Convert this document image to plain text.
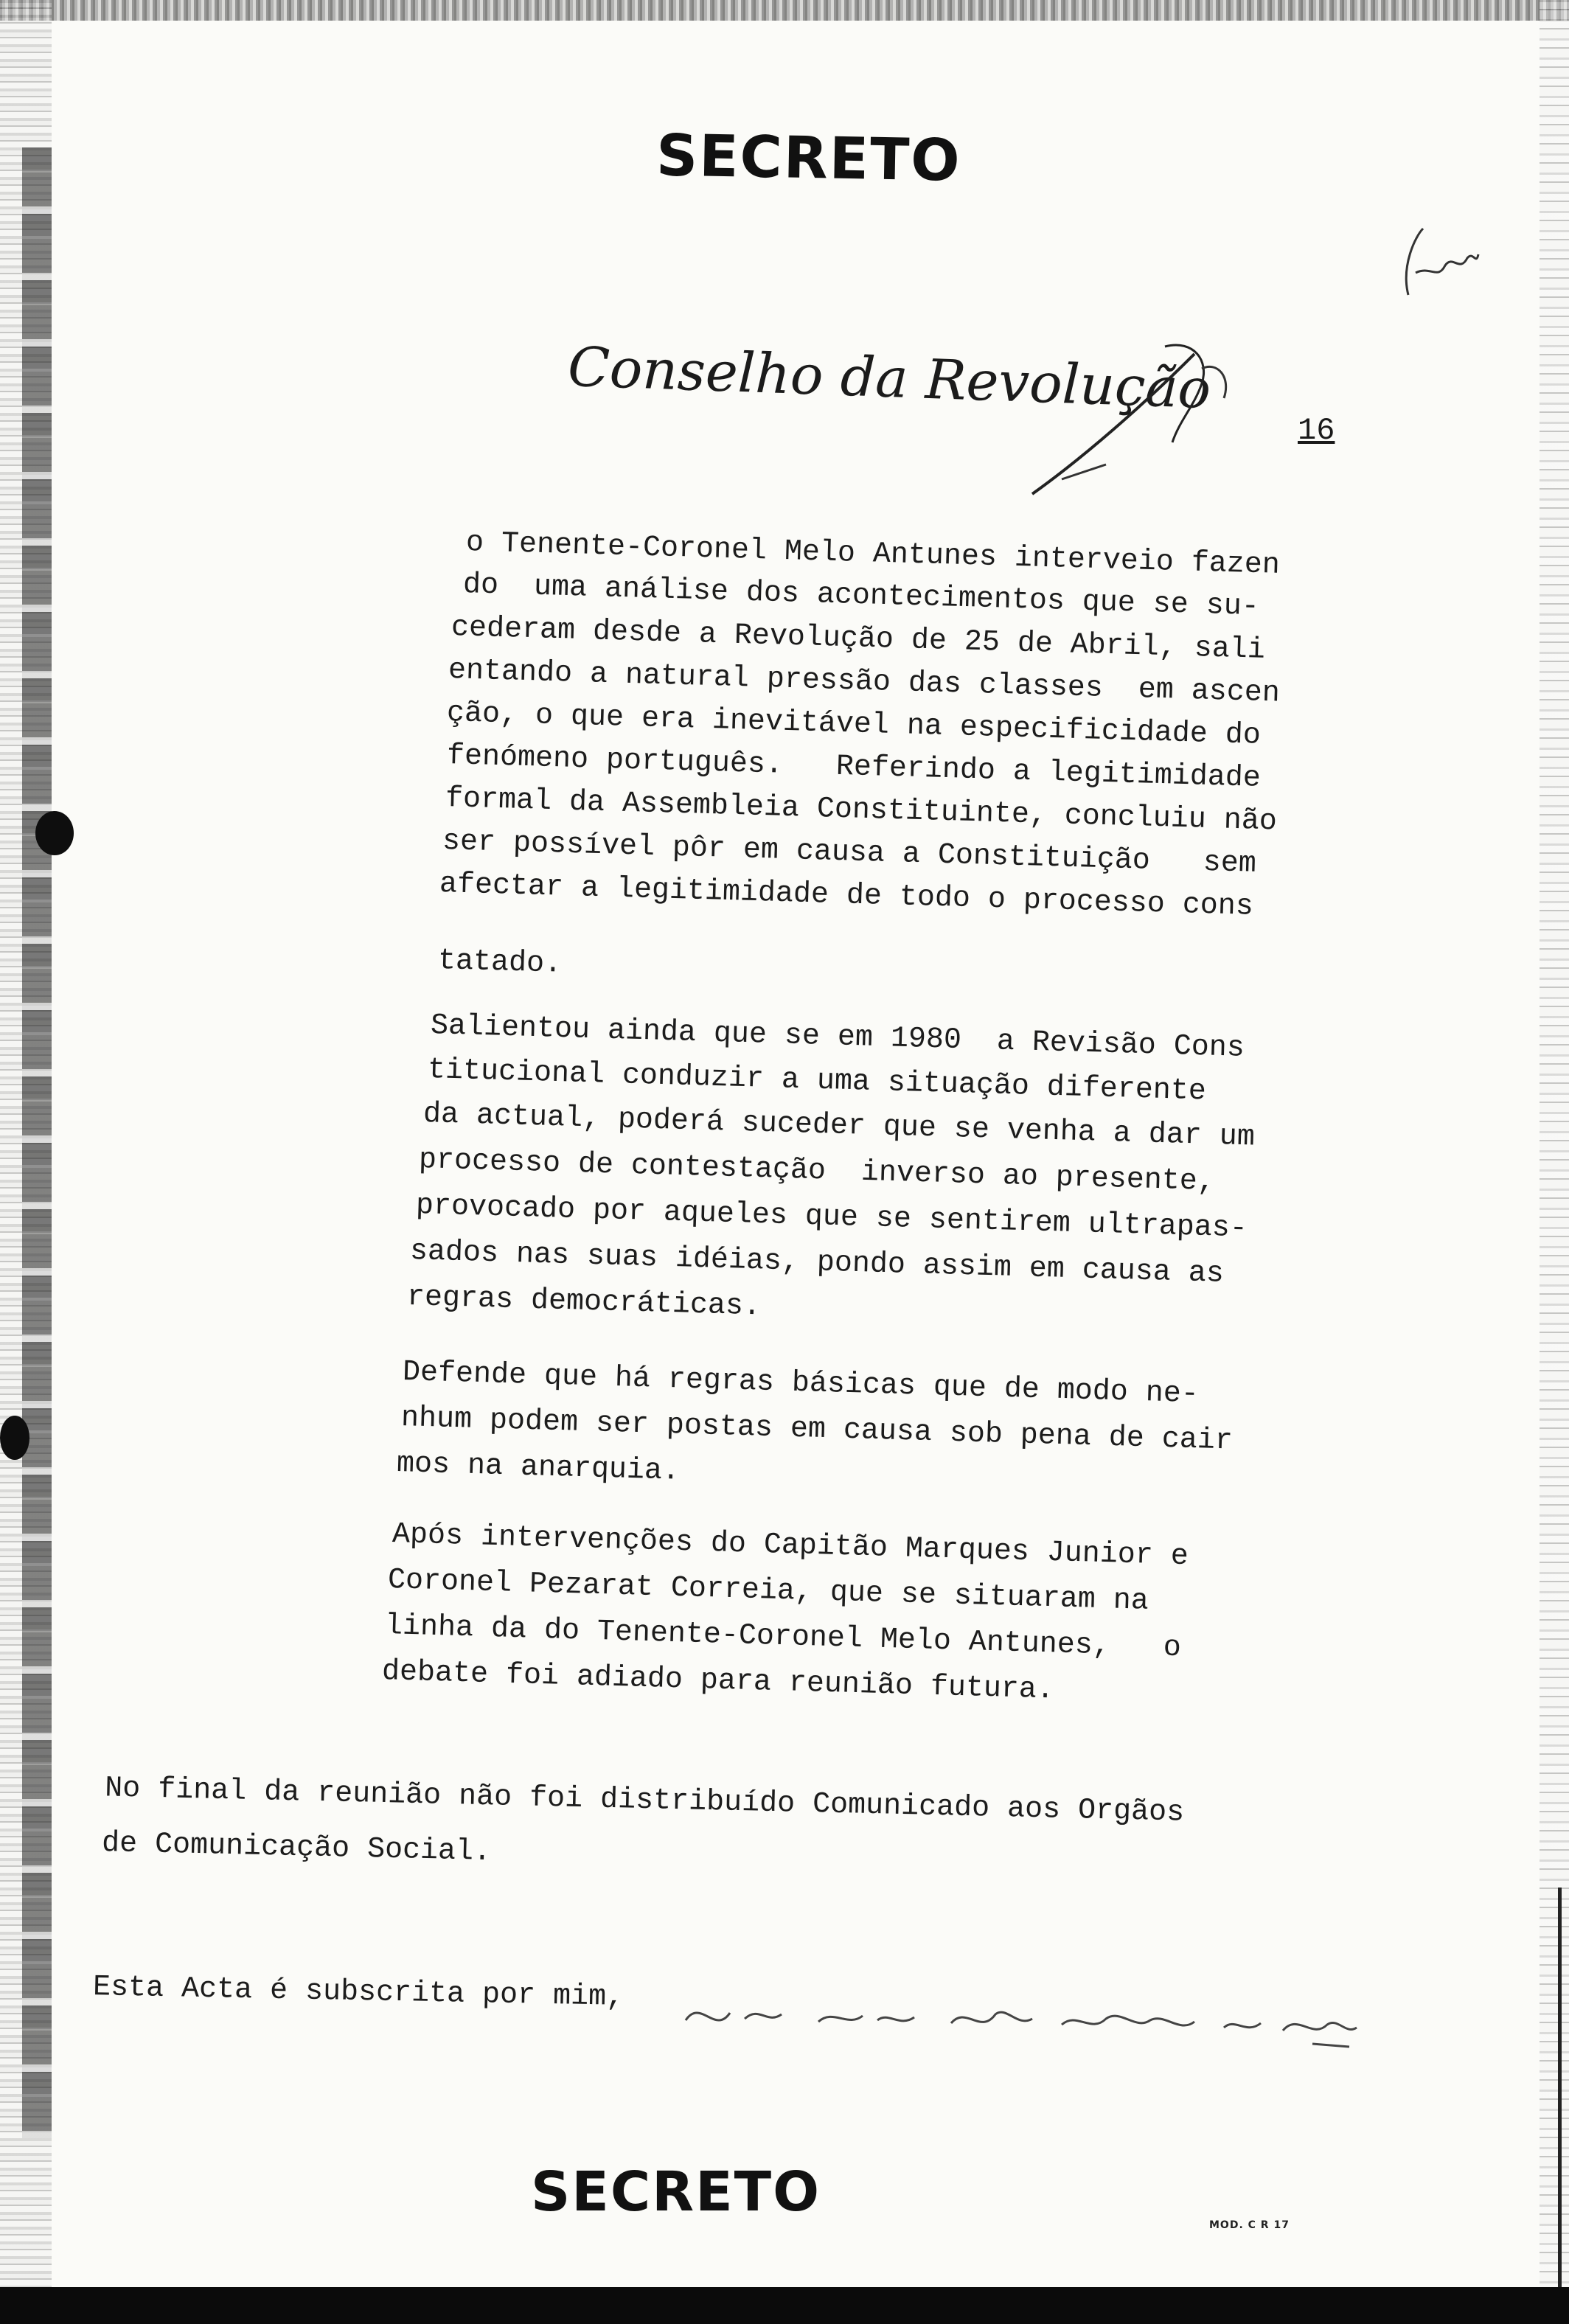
SECRETO
Conselho da Revolução
16
o Tenente-Coronel Melo Antunes interveio fazen
do  uma análise dos acontecimentos que se su-
cederam desde a Revolução de 25 de Abril, sali
entando a natural pressão das classes  em ascen
ção, o que era inevitável na especificidade do
fenómeno português.   Referindo a legitimidade
formal da Assembleia Constituinte, concluiu não
ser possível pôr em causa a Constituição   sem
afectar a legitimidade de todo o processo cons
tatado.
Salientou ainda que se em 1980  a Revisão Cons
titucional conduzir a uma situação diferente
da actual, poderá suceder que se venha a dar um
processo de contestação  inverso ao presente,
provocado por aqueles que se sentirem ultrapas-
sados nas suas idéias, pondo assim em causa as
regras democráticas.
Defende que há regras básicas que de modo ne-
nhum podem ser postas em causa sob pena de cair
mos na anarquia.
Após intervenções do Capitão Marques Junior e
Coronel Pezarat Correia, que se situaram na
linha da do Tenente-Coronel Melo Antunes,   o
debate foi adiado para reunião futura.
No final da reunião não foi distribuído Comunicado aos Orgãos
de Comunicação Social.
Esta Acta é subscrita por mim,
SECRETO
MOD. C R 17
